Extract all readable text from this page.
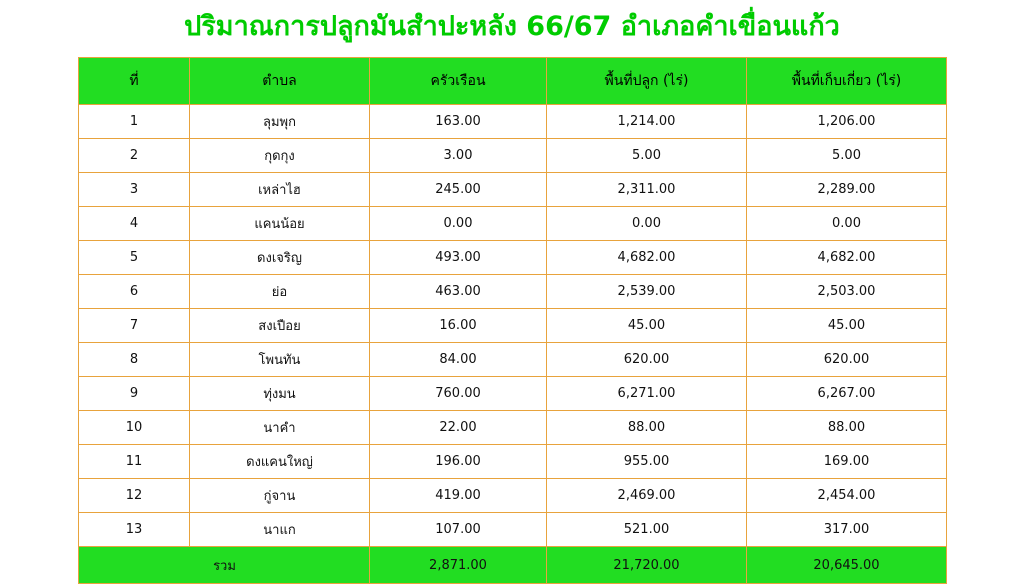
ปริมาณการปลูกมันสำปะหลัง 66/67 อำเภอคำเขื่อนแก้ว
ที่	ตำบล	ครัวเรือน	พื้นที่ปลูก (ไร่)	พื้นที่เก็บเกี่ยว (ไร่)
1	ลุมพุก	163.00	1,214.00	1,206.00
2	กุดกุง	3.00	5.00	5.00
3	เหล่าไฮ	245.00	2,311.00	2,289.00
4	แคนน้อย	0.00	0.00	0.00
5	ดงเจริญ	493.00	4,682.00	4,682.00
6	ย่อ	463.00	2,539.00	2,503.00
7	สงเปือย	16.00	45.00	45.00
8	โพนทัน	84.00	620.00	620.00
9	ทุ่งมน	760.00	6,271.00	6,267.00
10	นาคำ	22.00	88.00	88.00
11	ดงแคนใหญ่	196.00	955.00	169.00
12	กู่จาน	419.00	2,469.00	2,454.00
13	นาแก	107.00	521.00	317.00
รวม		2,871.00	21,720.00	20,645.00
